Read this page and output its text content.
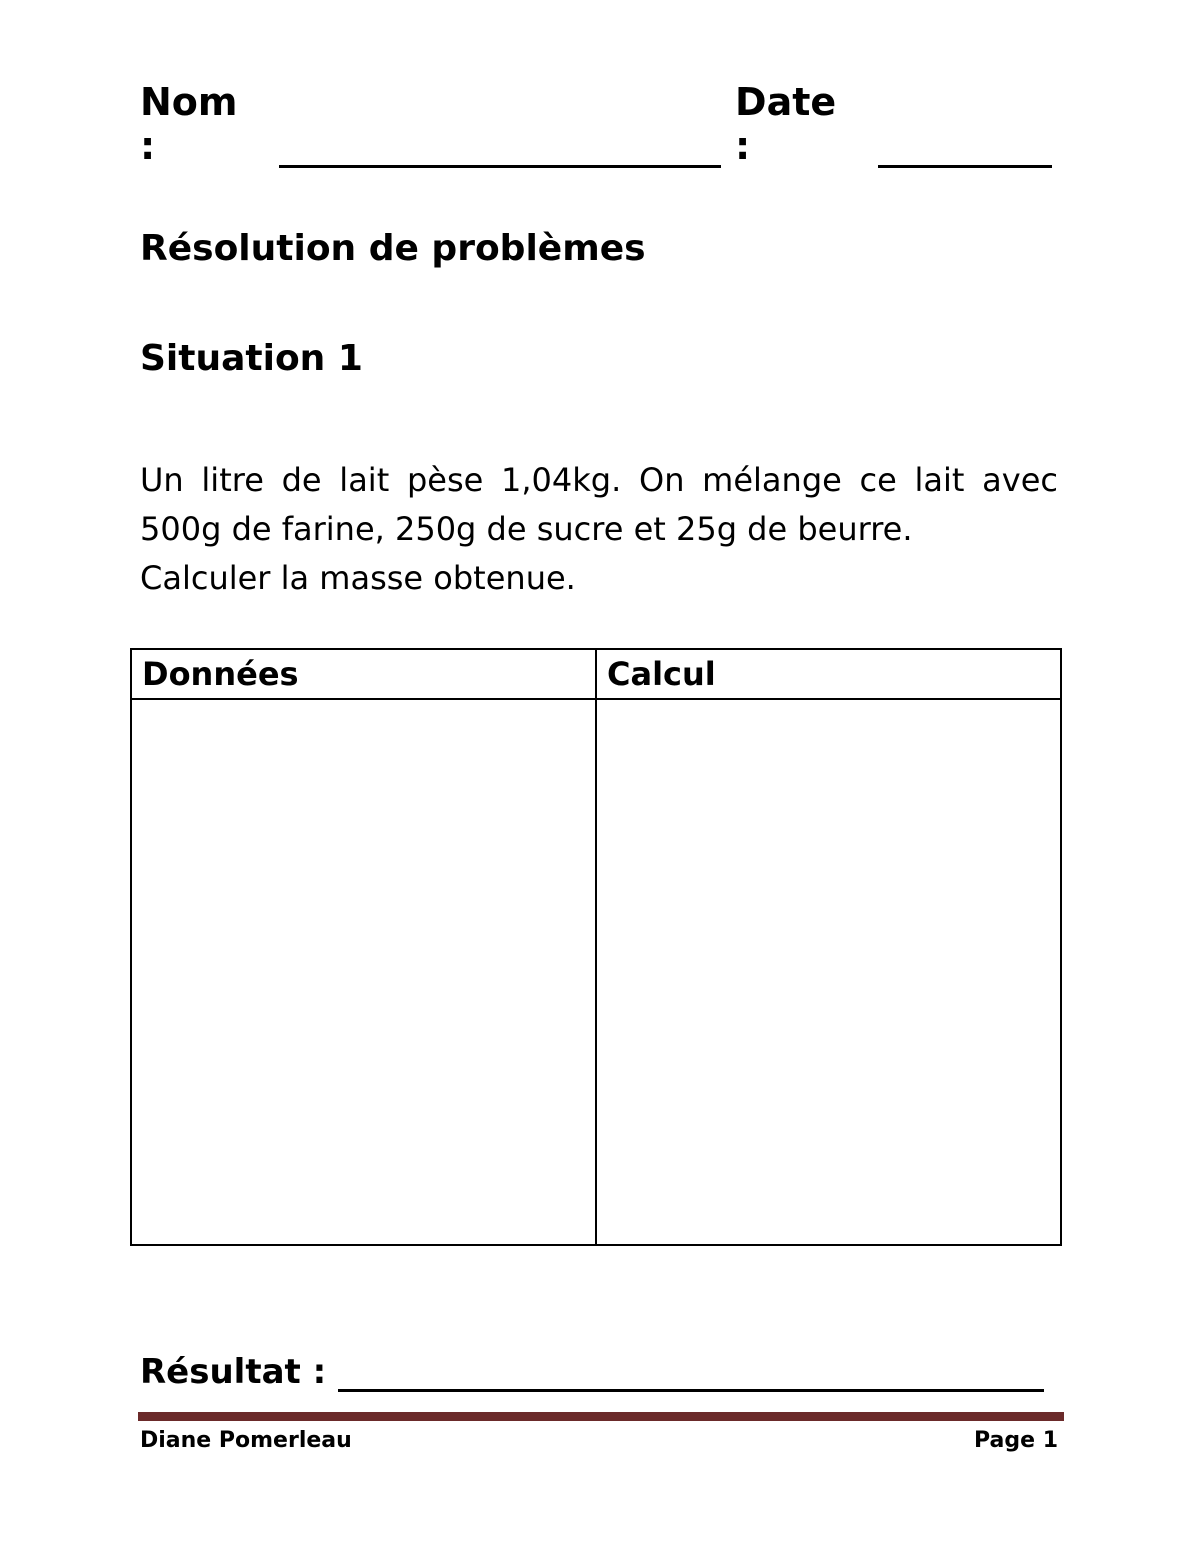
Nom :
Date :
Résolution de problèmes
Situation 1

Un litre de lait pèse 1,04kg. On mélange ce lait avec
500g de farine, 250g de sucre et 25g de beurre.
Calculer la masse obtenue.

Données	Calcul

Résultat :
Diane Pomerleau	Page 1
